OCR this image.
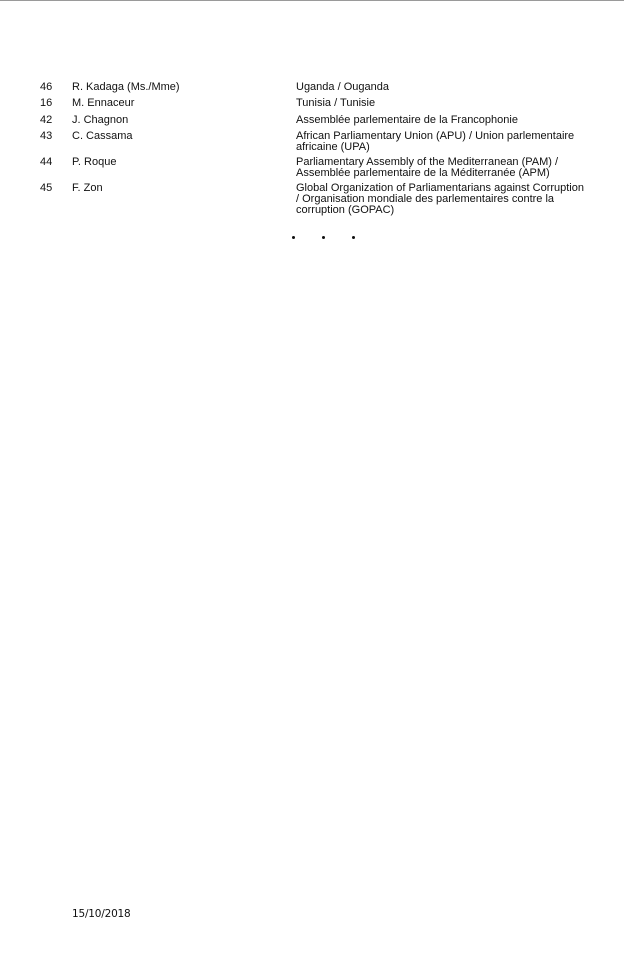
46 R. Kadaga (Ms./Mme)	Uganda / Ouganda
16 M. Ennaceur	Tunisia / Tunisie
42 J. Chagnon	Assemblée parlementaire de la Francophonie
43 C. Cassama	African Parliamentary Union (APU) / Union parlementaire africaine (UPA)
44 P. Roque	Parliamentary Assembly of the Mediterranean (PAM) / Assemblée parlementaire de la Méditerranée (APM)
45 F. Zon	Global Organization of Parliamentarians against Corruption / Organisation mondiale des parlementaires contre la corruption (GOPAC)
15/10/2018
